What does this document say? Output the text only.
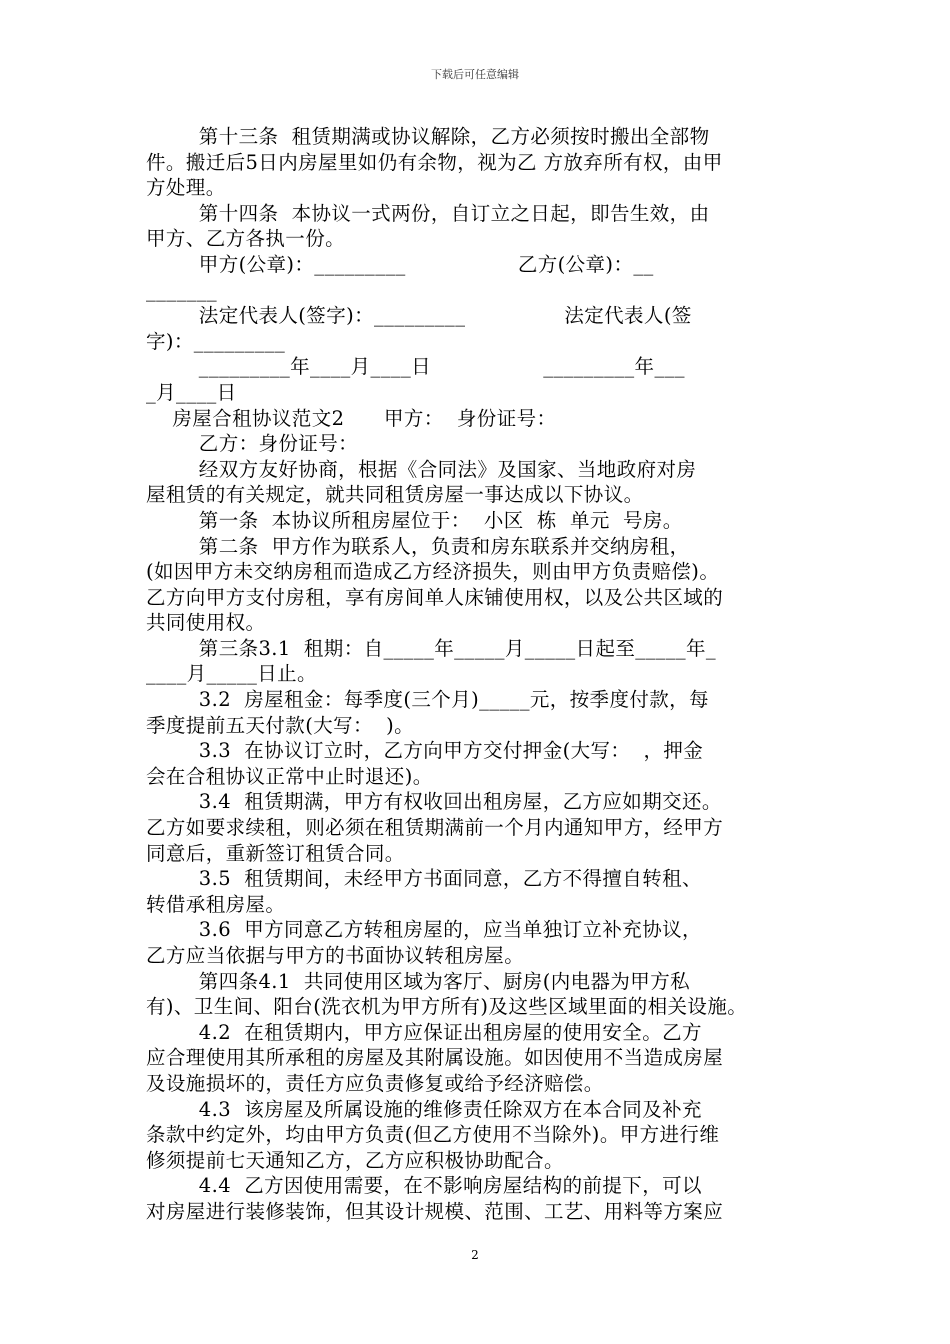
下载后可任意编辑
第十三条  租赁期满或协议解除，乙方必须按时搬出全部物
件。搬迁后5日内房屋里如仍有余物，视为乙 方放弃所有权，由甲
方处理。
第十四条  本协议一式两份，自订立之日起，即告生效，由
甲方、乙方各执一份。
甲方(公章)：_________                 乙方(公章)：__
_______
法定代表人(签字)：_________               法定代表人(签
字)：_________
_________年____月____日                 _________年___
_月____日
房屋合租协议范文2      甲方：  身份证号：
乙方：身份证号：
经双方友好协商，根据《合同法》及国家、当地政府对房
屋租赁的有关规定，就共同租赁房屋一事达成以下协议。
第一条  本协议所租房屋位于：  小区  栋  单元  号房。
第二条  甲方作为联系人，负责和房东联系并交纳房租，
(如因甲方未交纳房租而造成乙方经济损失，则由甲方负责赔偿)。
乙方向甲方支付房租，享有房间单人床铺使用权，以及公共区域的
共同使用权。
第三条3.1  租期：自_____年_____月_____日起至_____年_
____月_____日止。
3.2  房屋租金：每季度(三个月)_____元，按季度付款，每
季度提前五天付款(大写：  )。
3.3  在协议订立时，乙方向甲方交付押金(大写：  ，押金
会在合租协议正常中止时退还)。
3.4  租赁期满，甲方有权收回出租房屋，乙方应如期交还。
乙方如要求续租，则必须在租赁期满前一个月内通知甲方，经甲方
同意后，重新签订租赁合同。
3.5  租赁期间，未经甲方书面同意，乙方不得擅自转租、
转借承租房屋。
3.6  甲方同意乙方转租房屋的，应当单独订立补充协议，
乙方应当依据与甲方的书面协议转租房屋。
第四条4.1  共同使用区域为客厅、厨房(内电器为甲方私
有)、卫生间、阳台(洗衣机为甲方所有)及这些区域里面的相关设施。
4.2  在租赁期内，甲方应保证出租房屋的使用安全。乙方
应合理使用其所承租的房屋及其附属设施。如因使用不当造成房屋
及设施损坏的，责任方应负责修复或给予经济赔偿。
4.3  该房屋及所属设施的维修责任除双方在本合同及补充
条款中约定外，均由甲方负责(但乙方使用不当除外)。甲方进行维
修须提前七天通知乙方，乙方应积极协助配合。
4.4  乙方因使用需要，在不影响房屋结构的前提下，可以
对房屋进行装修装饰，但其设计规模、范围、工艺、用料等方案应
2
